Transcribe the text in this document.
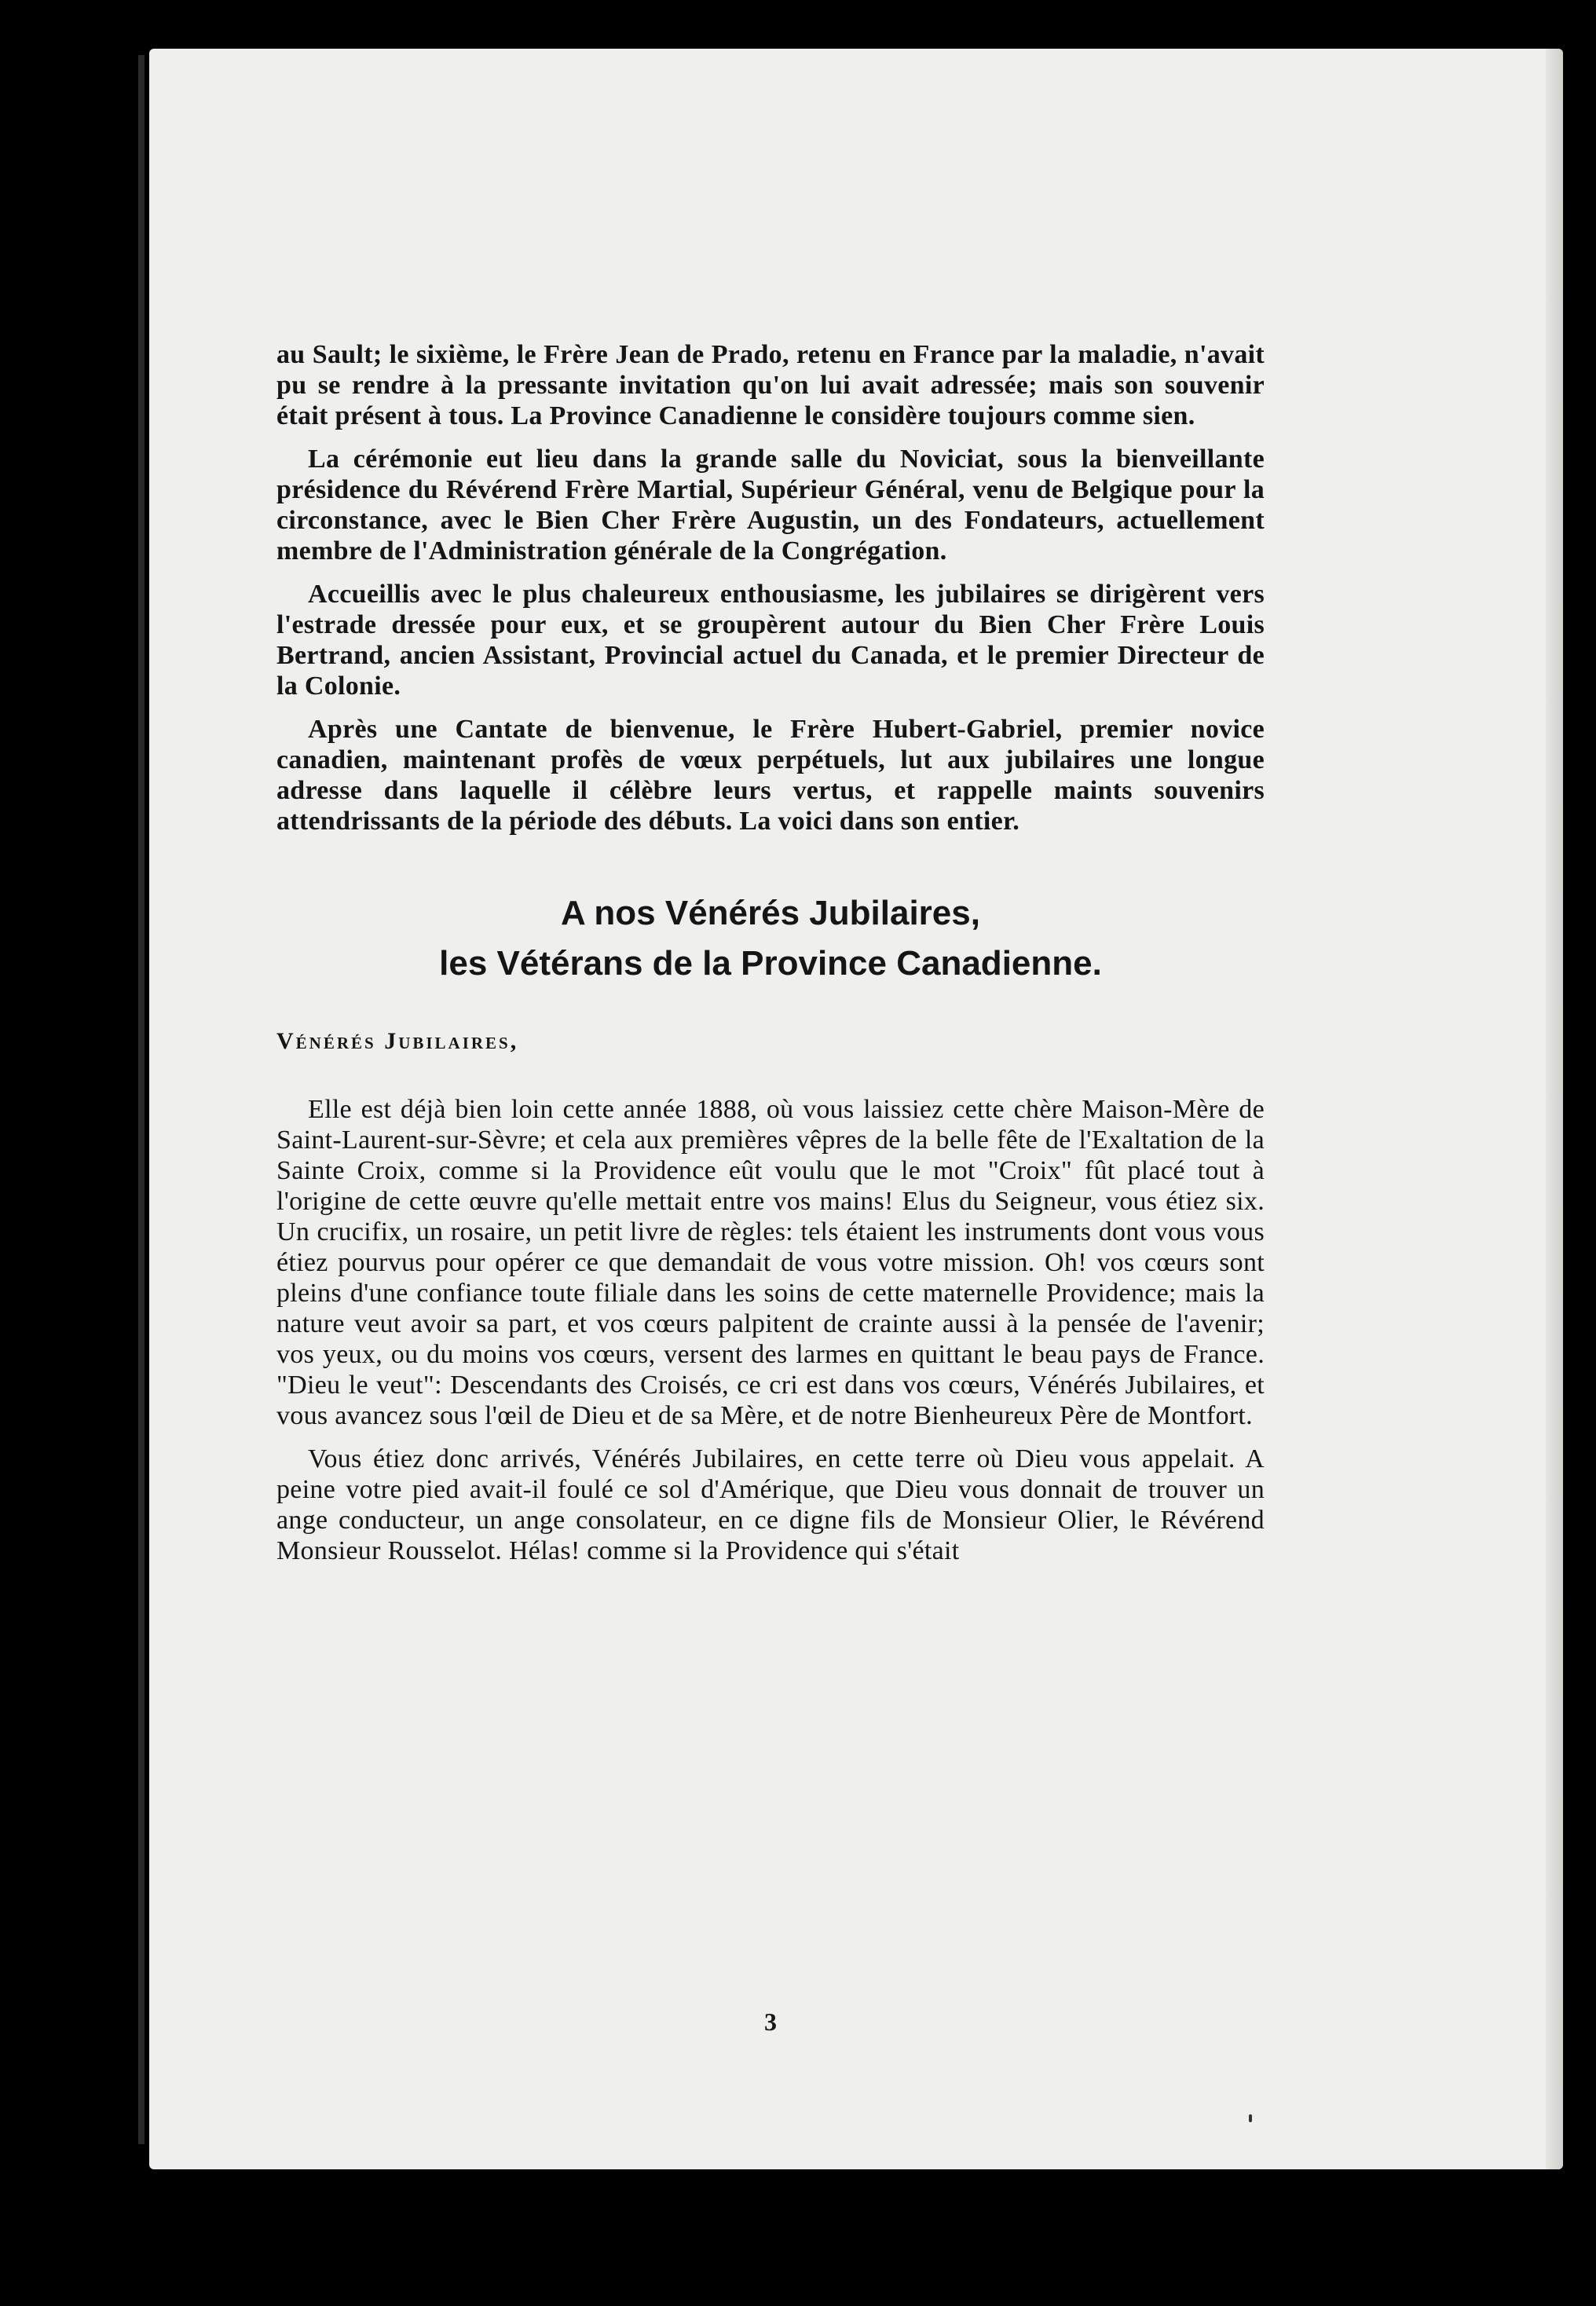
au Sault; le sixième, le Frère Jean de Prado, retenu en France par la maladie, n'avait pu se rendre à la pressante invitation qu'on lui avait adressée; mais son souvenir était présent à tous. La Province Canadienne le considère toujours comme sien.

La cérémonie eut lieu dans la grande salle du Noviciat, sous la bienveillante présidence du Révérend Frère Martial, Supérieur Général, venu de Belgique pour la circonstance, avec le Bien Cher Frère Augustin, un des Fondateurs, actuellement membre de l'Administration générale de la Congrégation.

Accueillis avec le plus chaleureux enthousiasme, les jubilaires se dirigèrent vers l'estrade dressée pour eux, et se groupèrent autour du Bien Cher Frère Louis Bertrand, ancien Assistant, Provincial actuel du Canada, et le premier Directeur de la Colonie.

Après une Cantate de bienvenue, le Frère Hubert-Gabriel, premier novice canadien, maintenant profès de vœux perpétuels, lut aux jubilaires une longue adresse dans laquelle il célèbre leurs vertus, et rappelle maints souvenirs attendrissants de la période des débuts. La voici dans son entier.

A nos Vénérés Jubilaires,
les Vétérans de la Province Canadienne.
Vénérés Jubilaires,

Elle est déjà bien loin cette année 1888, où vous laissiez cette chère Maison-Mère de Saint-Laurent-sur-Sèvre; et cela aux premières vêpres de la belle fête de l'Exaltation de la Sainte Croix, comme si la Providence eût voulu que le mot "Croix" fût placé tout à l'origine de cette œuvre qu'elle mettait entre vos mains! Elus du Seigneur, vous étiez six. Un crucifix, un rosaire, un petit livre de règles: tels étaient les instruments dont vous vous étiez pourvus pour opérer ce que demandait de vous votre mission. Oh! vos cœurs sont pleins d'une confiance toute filiale dans les soins de cette maternelle Providence; mais la nature veut avoir sa part, et vos cœurs palpitent de crainte aussi à la pensée de l'avenir; vos yeux, ou du moins vos cœurs, versent des larmes en quittant le beau pays de France. "Dieu le veut": Descendants des Croisés, ce cri est dans vos cœurs, Vénérés Jubilaires, et vous avancez sous l'œil de Dieu et de sa Mère, et de notre Bienheureux Père de Montfort.

Vous étiez donc arrivés, Vénérés Jubilaires, en cette terre où Dieu vous appelait. A peine votre pied avait-il foulé ce sol d'Amérique, que Dieu vous donnait de trouver un ange conducteur, un ange consolateur, en ce digne fils de Monsieur Olier, le Révérend Monsieur Rousselot. Hélas! comme si la Providence qui s'était

3
